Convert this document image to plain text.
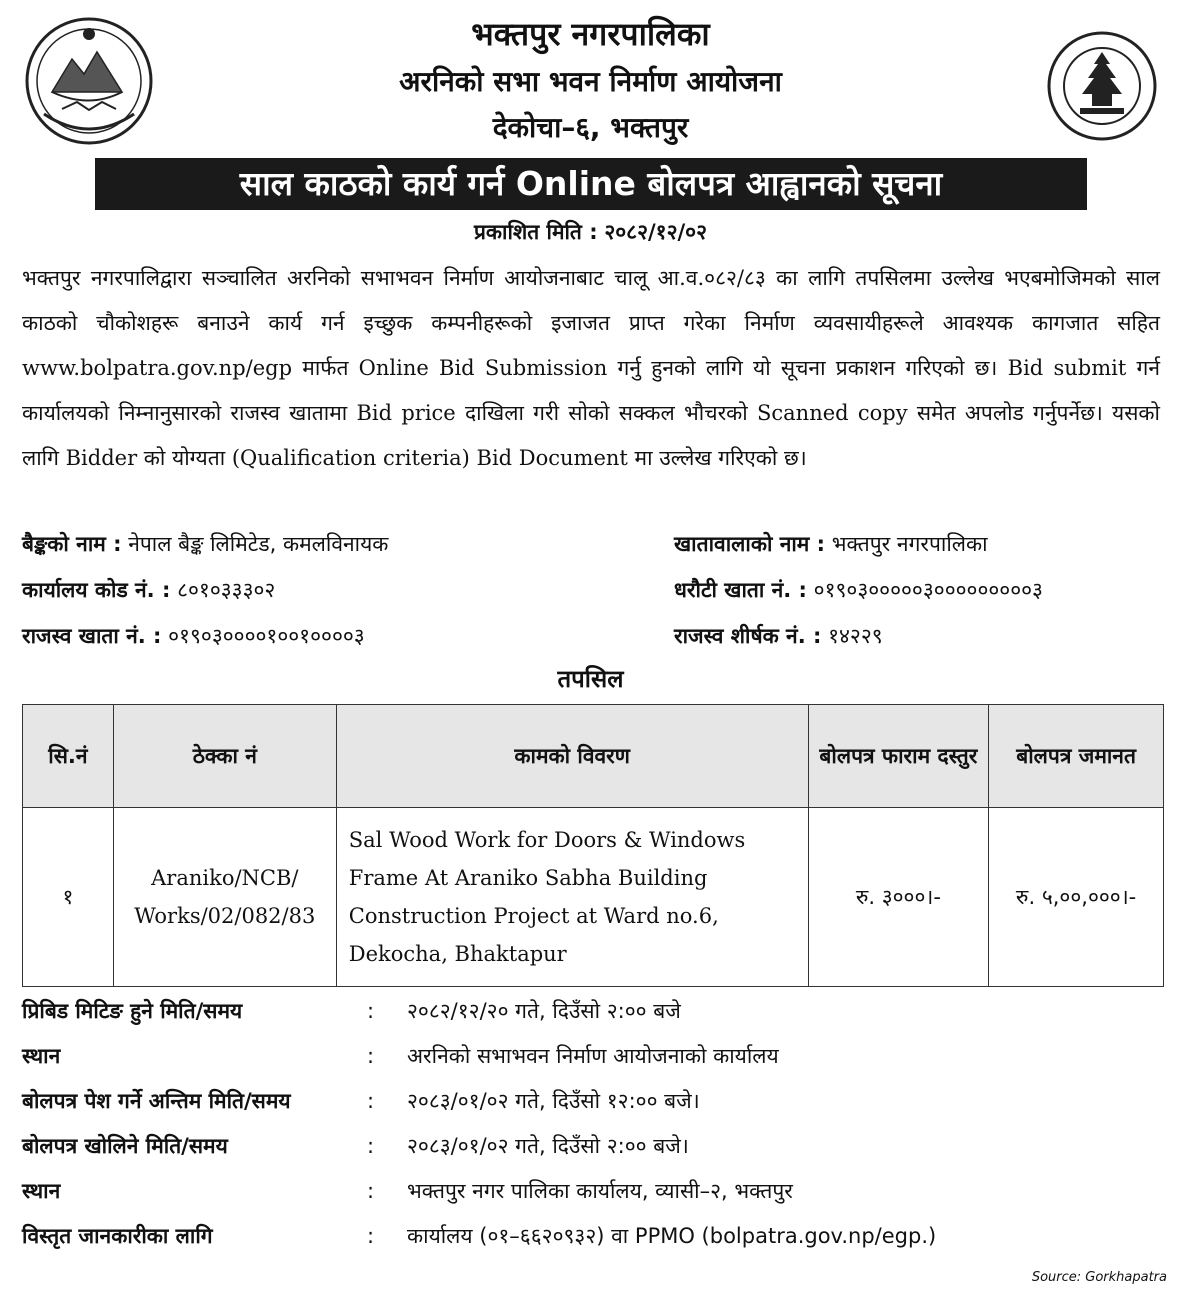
भक्तपुर नगरपालिका
अरनिको सभा भवन निर्माण आयोजना
देकोचा–६, भक्तपुर
साल काठको कार्य गर्न Online बोलपत्र आह्वानको सूचना
प्रकाशित मिति : २०८२/१२/०२
भक्तपुर नगरपालिद्वारा सञ्चालित अरनिको सभाभवन निर्माण आयोजनाबाट चालू आ.व.०८२/८३ का लागि तपसिलमा उल्लेख भएबमोजिमको साल काठको चौकोशहरू बनाउने कार्य गर्न इच्छुक कम्पनीहरूको इजाजत प्राप्त गरेका निर्माण व्यवसायीहरूले आवश्यक कागजात सहित www.bolpatra.gov.np/egp मार्फत Online Bid Submission गर्नु हुनको लागि यो सूचना प्रकाशन गरिएको छ। Bid submit गर्न कार्यालयको निम्नानुसारको राजस्व खातामा Bid price दाखिला गरी सोको सक्कल भौचरको Scanned copy समेत अपलोड गर्नुपर्नेछ। यसको लागि Bidder को योग्यता (Qualification criteria) Bid Document मा उल्लेख गरिएको छ।
बैङ्कको नाम : नेपाल बैङ्क लिमिटेड, कमलविनायक	खातावालाको नाम : भक्तपुर नगरपालिका
कार्यालय कोड नं. : ८०१०३३३०२	धरौटी खाता नं. : ०१९०३०००००३०००००००००३
राजस्व खाता नं. : ०१९०३००००१००१००००३	राजस्व शीर्षक नं. : १४२२९
तपसिल
सि.नं	ठेक्का नं	कामको विवरण	बोलपत्र फाराम दस्तुर	बोलपत्र जमानत
१	Araniko/NCB/ Works/02/082/83	Sal Wood Work for Doors & Windows Frame At Araniko Sabha Building Construction Project at Ward no.6, Dekocha, Bhaktapur	रु. ३०००।-	रु. ५,००,०००।-
प्रिबिड मिटिङ हुने मिति/समय	:	२०८२/१२/२० गते, दिउँसो २:०० बजे
स्थान	:	अरनिको सभाभवन निर्माण आयोजनाको कार्यालय
बोलपत्र पेश गर्ने अन्तिम मिति/समय	:	२०८३/०१/०२ गते, दिउँसो १२:०० बजे।
बोलपत्र खोलिने मिति/समय	:	२०८३/०१/०२ गते, दिउँसो २:०० बजे।
स्थान	:	भक्तपुर नगर पालिका कार्यालय, व्यासी–२, भक्तपुर
विस्तृत जानकारीका लागि	:	कार्यालय (०१–६६२०९३२) वा PPMO (bolpatra.gov.np/egp.)
Source: Gorkhapatra
